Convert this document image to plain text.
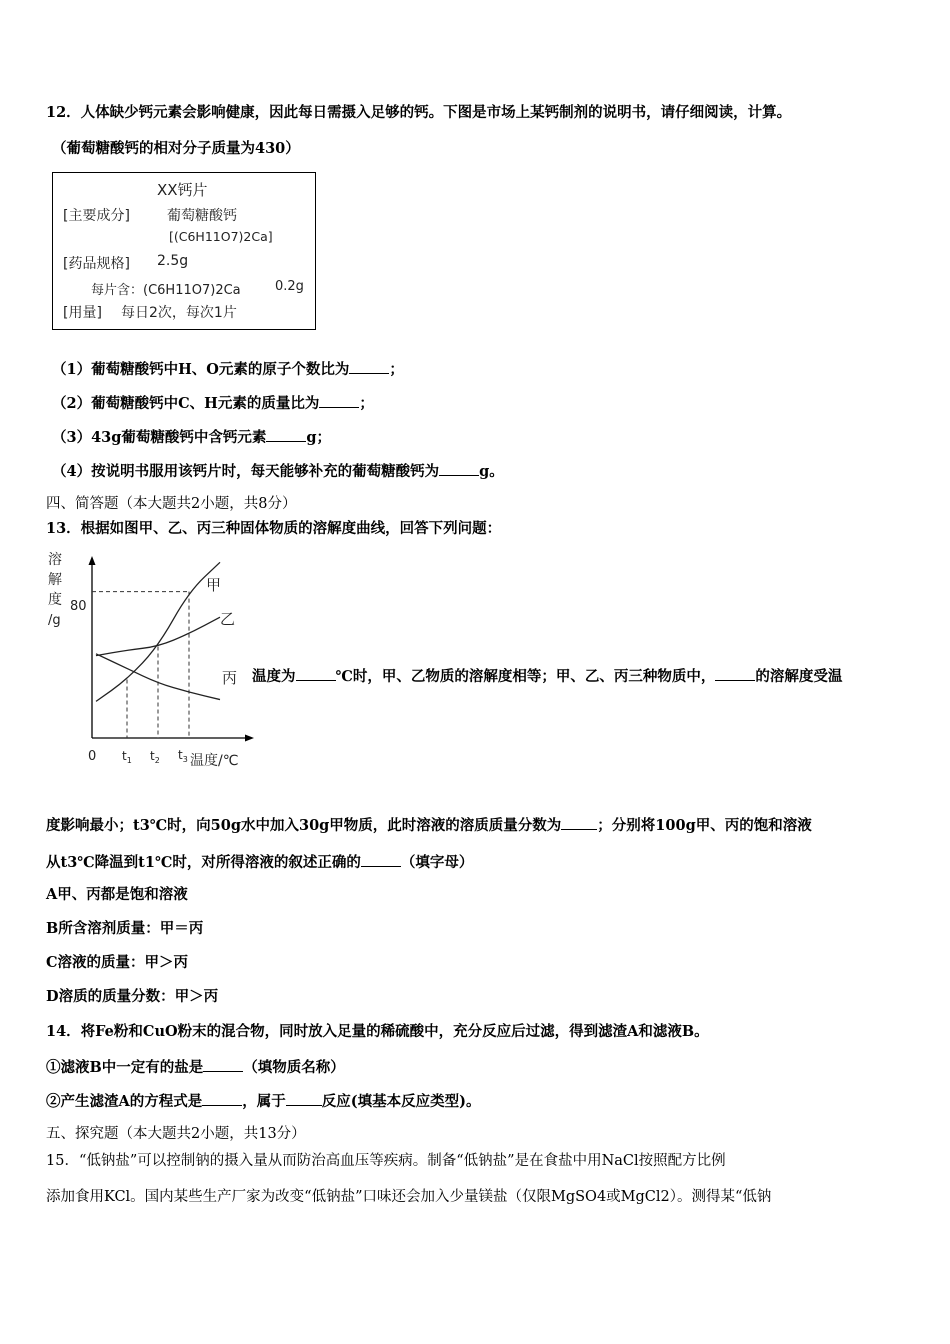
12．人体缺少钙元素会影响健康，因此每日需摄入足够的钙。下图是市场上某钙制剂的说明书，请仔细阅读，计算。
（葡萄糖酸钙的相对分子质量为430）
XX钙片
[主要成分]	葡萄糖酸钙
[(C6H11O7)2Ca]
[药品规格] 2.5g
每片含：(C6H11O7)2Ca	0.2g
[用量] 每日2次，每次1片
（1）葡萄糖酸钙中H、O元素的原子个数比为	；
（2）葡萄糖酸钙中C、H元素的质量比为	；
（3）43g葡萄糖酸钙中含钙元素	g；
（4）按说明书服用该钙片时，每天能够补充的葡萄糖酸钙为	g。
四、简答题（本大题共2小题，共8分）
13．根据如图甲、乙、丙三种固体物质的溶解度曲线，回答下列问题：
溶
解
度
/g
80
0 $t_1$ $t_2$ $t_3$ 温度/℃
甲
乙
丙 温度为	℃时，甲、乙物质的溶解度相等；甲、乙、丙三种物质中，	的溶解度受温
度影响最小；t3℃时，向50g水中加入30g甲物质，此时溶液的溶质质量分数为 ；分别将100g甲、丙的饱和溶液
从t3℃降温到t1℃时，对所得溶液的叙述正确的	（填字母）
A甲、丙都是饱和溶液
B所含溶剂质量：甲＝丙
C溶液的质量：甲＞丙
D溶质的质量分数：甲＞丙
14．将Fe粉和CuO粉末的混合物，同时放入足量的稀硫酸中，充分反应后过滤，得到滤渣A和滤液B。
①滤液B中一定有的盐是	（填物质名称）
②产生滤渣A的方程式是	，属于 反应(填基本反应类型)。
五、探究题（本大题共2小题，共13分）
15．“低钠盐”可以控制钠的摄入量从而防治高血压等疾病。制备“低钠盐”是在食盐中用NaCl按照配方比例
添加食用KCl。国内某些生产厂家为改变“低钠盐”口味还会加入少量镁盐（仅限MgSO4或MgCl2）。测得某“低钠
